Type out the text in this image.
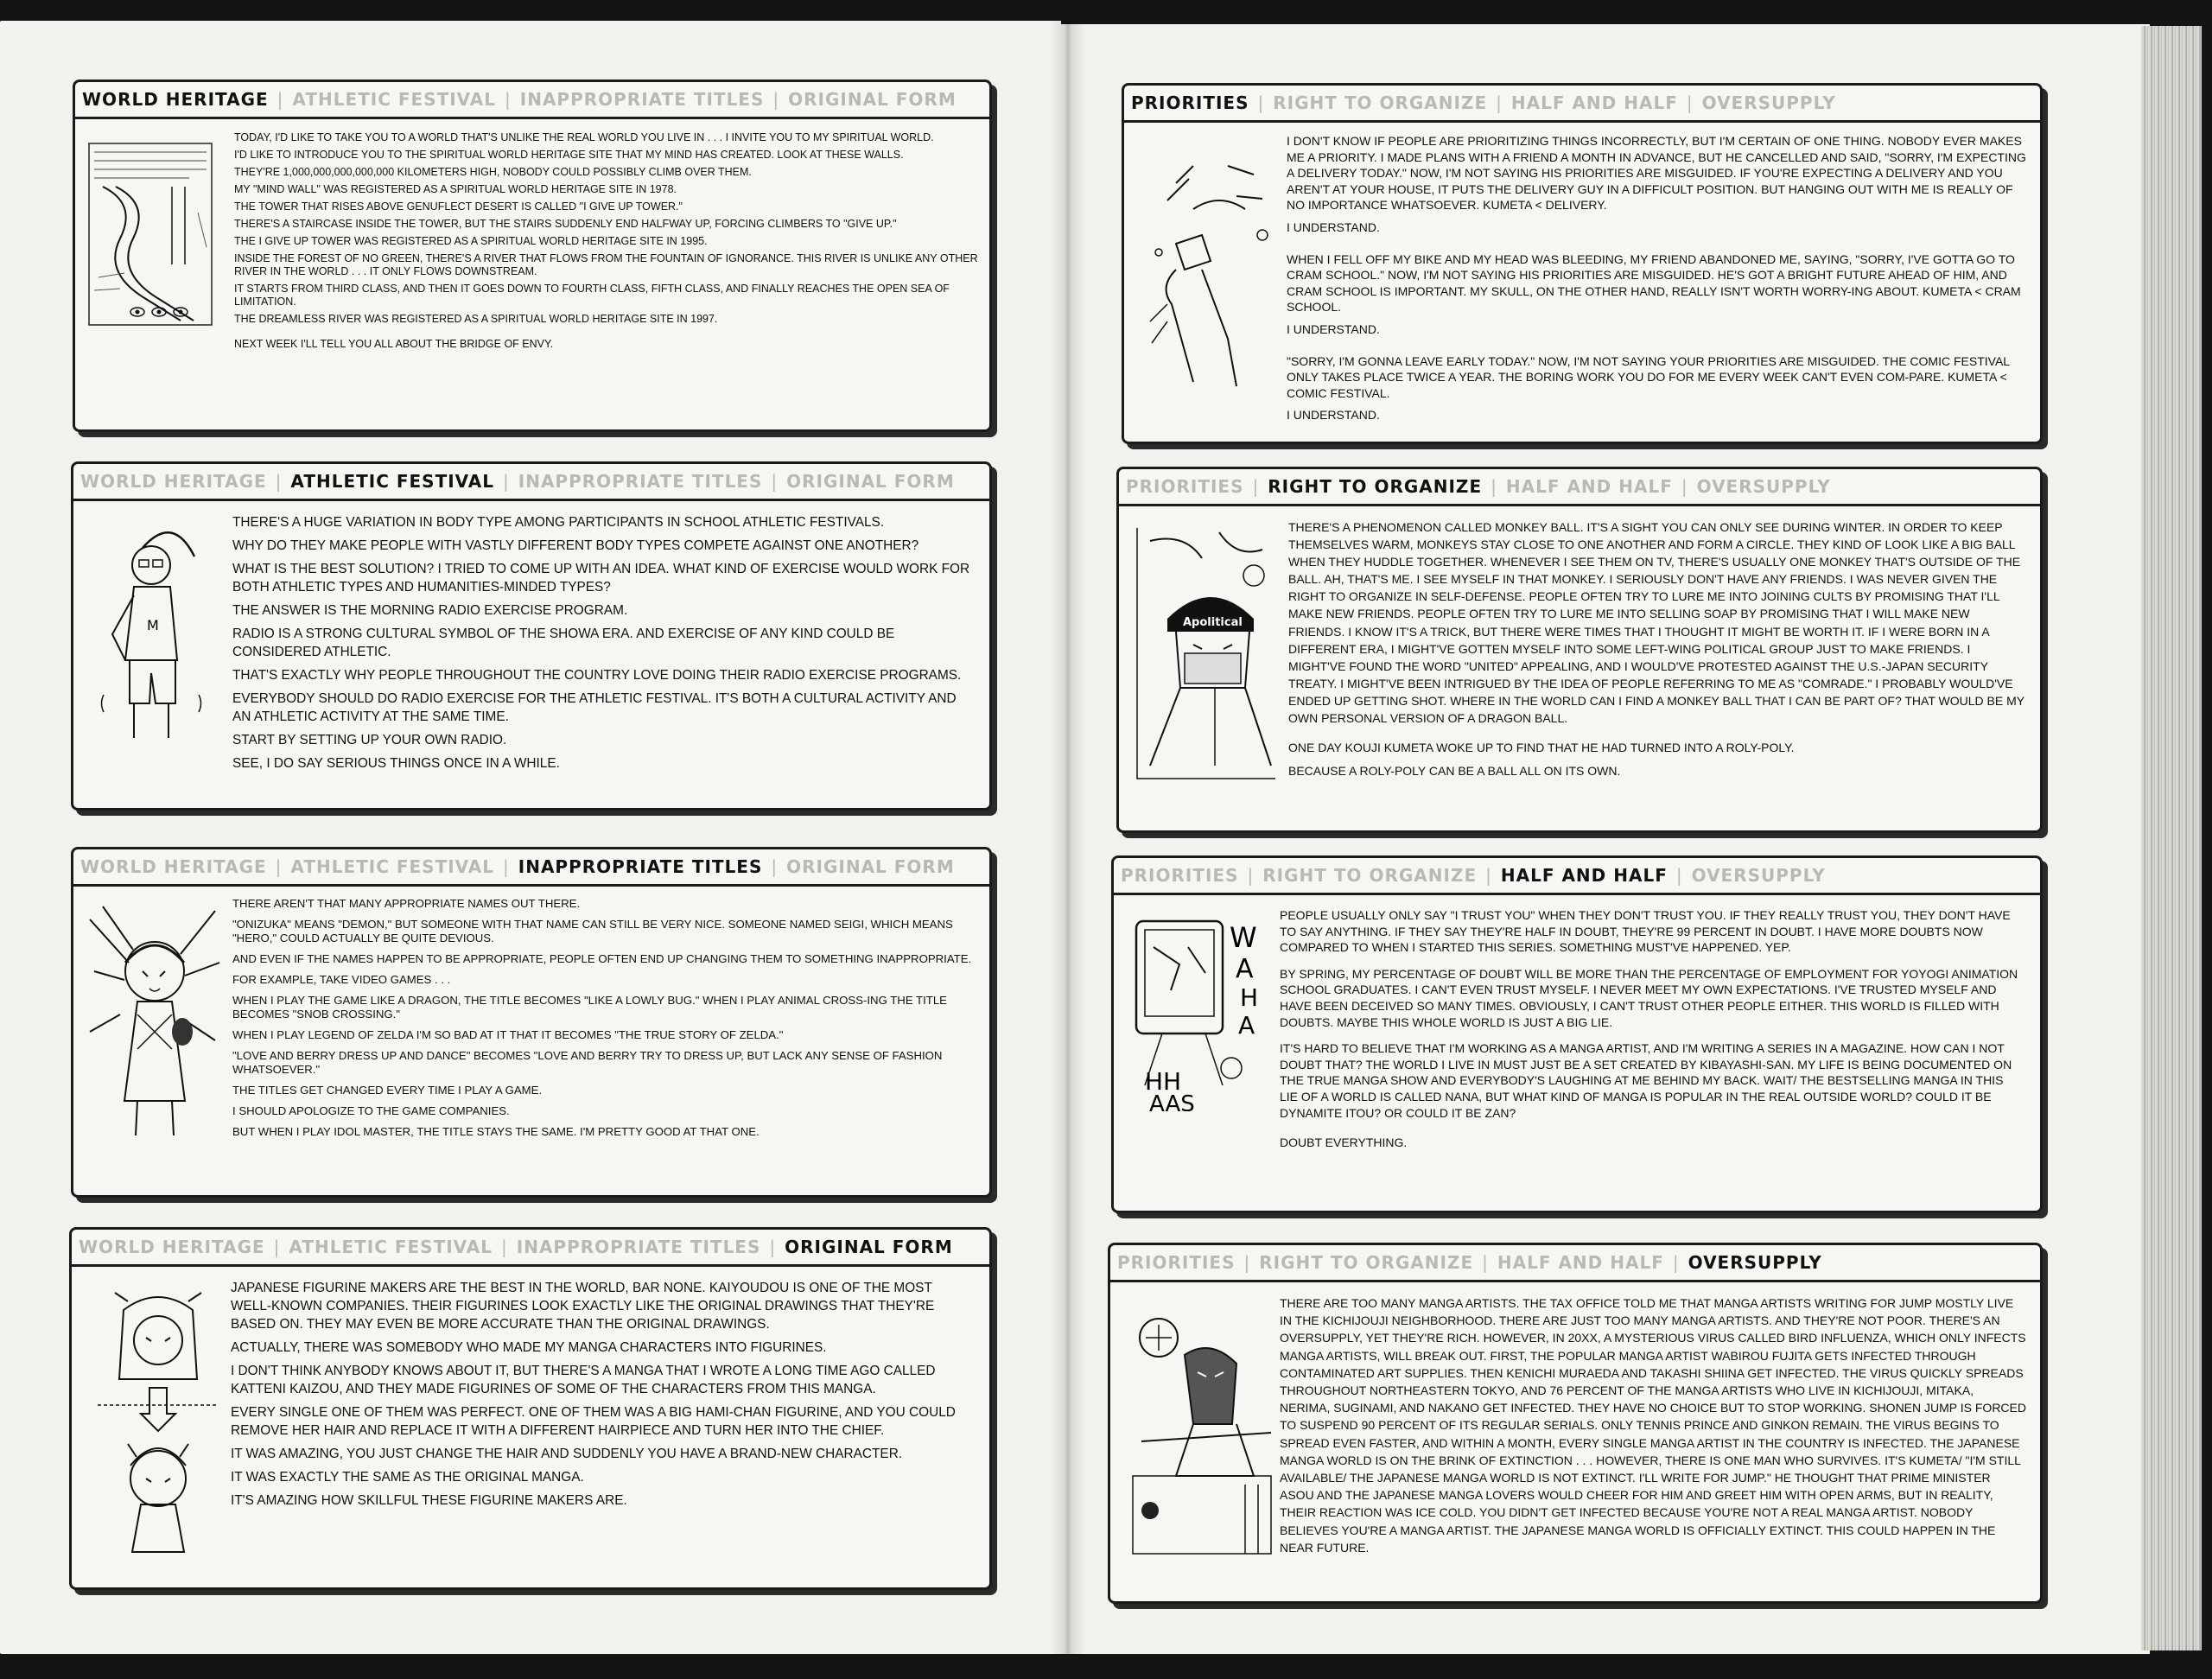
WORLD HERITAGE | ATHLETIC FESTIVAL | INAPPROPRIATE TITLES | ORIGINAL FORM

TODAY, I'D LIKE TO TAKE YOU TO A WORLD THAT'S UNLIKE THE REAL WORLD YOU LIVE IN . . . I INVITE YOU TO MY SPIRITUAL WORLD.

I'D LIKE TO INTRODUCE YOU TO THE SPIRITUAL WORLD HERITAGE SITE THAT MY MIND HAS CREATED. LOOK AT THESE WALLS.

THEY'RE 1,000,000,000,000,000 KILOMETERS HIGH, NOBODY COULD POSSIBLY CLIMB OVER THEM.

MY "MIND WALL" WAS REGISTERED AS A SPIRITUAL WORLD HERITAGE SITE IN 1978.

THE TOWER THAT RISES ABOVE GENUFLECT DESERT IS CALLED "I GIVE UP TOWER."

THERE'S A STAIRCASE INSIDE THE TOWER, BUT THE STAIRS SUDDENLY END HALFWAY UP, FORCING CLIMBERS TO "GIVE UP."

THE I GIVE UP TOWER WAS REGISTERED AS A SPIRITUAL WORLD HERITAGE SITE IN 1995.

INSIDE THE FOREST OF NO GREEN, THERE'S A RIVER THAT FLOWS FROM THE FOUNTAIN OF IGNORANCE. THIS RIVER IS UNLIKE ANY OTHER RIVER IN THE WORLD . . . IT ONLY FLOWS DOWNSTREAM.

IT STARTS FROM THIRD CLASS, AND THEN IT GOES DOWN TO FOURTH CLASS, FIFTH CLASS, AND FINALLY REACHES THE OPEN SEA OF LIMITATION.

THE DREAMLESS RIVER WAS REGISTERED AS A SPIRITUAL WORLD HERITAGE SITE IN 1997.

NEXT WEEK I'LL TELL YOU ALL ABOUT THE BRIDGE OF ENVY.

WORLD HERITAGE | ATHLETIC FESTIVAL | INAPPROPRIATE TITLES | ORIGINAL FORM
M

THERE'S A HUGE VARIATION IN BODY TYPE AMONG PARTICIPANTS IN SCHOOL ATHLETIC FESTIVALS.

WHY DO THEY MAKE PEOPLE WITH VASTLY DIFFERENT BODY TYPES COMPETE AGAINST ONE ANOTHER?

WHAT IS THE BEST SOLUTION? I TRIED TO COME UP WITH AN IDEA. WHAT KIND OF EXERCISE WOULD WORK FOR BOTH ATHLETIC TYPES AND HUMANITIES-MINDED TYPES?

THE ANSWER IS THE MORNING RADIO EXERCISE PROGRAM.

RADIO IS A STRONG CULTURAL SYMBOL OF THE SHOWA ERA. AND EXERCISE OF ANY KIND COULD BE CONSIDERED ATHLETIC.

THAT'S EXACTLY WHY PEOPLE THROUGHOUT THE COUNTRY LOVE DOING THEIR RADIO EXERCISE PROGRAMS.

EVERYBODY SHOULD DO RADIO EXERCISE FOR THE ATHLETIC FESTIVAL. IT'S BOTH A CULTURAL ACTIVITY AND AN ATHLETIC ACTIVITY AT THE SAME TIME.

START BY SETTING UP YOUR OWN RADIO.

SEE, I DO SAY SERIOUS THINGS ONCE IN A WHILE.

WORLD HERITAGE | ATHLETIC FESTIVAL | INAPPROPRIATE TITLES | ORIGINAL FORM

THERE AREN'T THAT MANY APPROPRIATE NAMES OUT THERE.

"ONIZUKA" MEANS "DEMON," BUT SOMEONE WITH THAT NAME CAN STILL BE VERY NICE. SOMEONE NAMED SEIGI, WHICH MEANS "HERO," COULD ACTUALLY BE QUITE DEVIOUS.

AND EVEN IF THE NAMES HAPPEN TO BE APPROPRIATE, PEOPLE OFTEN END UP CHANGING THEM TO SOMETHING INAPPROPRIATE.

FOR EXAMPLE, TAKE VIDEO GAMES . . .

WHEN I PLAY THE GAME LIKE A DRAGON, THE TITLE BECOMES "LIKE A LOWLY BUG." WHEN I PLAY ANIMAL CROSS-ING THE TITLE BECOMES "SNOB CROSSING."

WHEN I PLAY LEGEND OF ZELDA I'M SO BAD AT IT THAT IT BECOMES "THE TRUE STORY OF ZELDA."

"LOVE AND BERRY DRESS UP AND DANCE" BECOMES "LOVE AND BERRY TRY TO DRESS UP, BUT LACK ANY SENSE OF FASHION WHATSOEVER."

THE TITLES GET CHANGED EVERY TIME I PLAY A GAME.

I SHOULD APOLOGIZE TO THE GAME COMPANIES.

BUT WHEN I PLAY IDOL MASTER, THE TITLE STAYS THE SAME. I'M PRETTY GOOD AT THAT ONE.

WORLD HERITAGE | ATHLETIC FESTIVAL | INAPPROPRIATE TITLES | ORIGINAL FORM

JAPANESE FIGURINE MAKERS ARE THE BEST IN THE WORLD, BAR NONE. KAIYOUDOU IS ONE OF THE MOST WELL-KNOWN COMPANIES. THEIR FIGURINES LOOK EXACTLY LIKE THE ORIGINAL DRAWINGS THAT THEY'RE BASED ON. THEY MAY EVEN BE MORE ACCURATE THAN THE ORIGINAL DRAWINGS.

ACTUALLY, THERE WAS SOMEBODY WHO MADE MY MANGA CHARACTERS INTO FIGURINES.

I DON'T THINK ANYBODY KNOWS ABOUT IT, BUT THERE'S A MANGA THAT I WROTE A LONG TIME AGO CALLED KATTENI KAIZOU, AND THEY MADE FIGURINES OF SOME OF THE CHARACTERS FROM THIS MANGA.

EVERY SINGLE ONE OF THEM WAS PERFECT. ONE OF THEM WAS A BIG HAMI-CHAN FIGURINE, AND YOU COULD REMOVE HER HAIR AND REPLACE IT WITH A DIFFERENT HAIRPIECE AND TURN HER INTO THE CHIEF.

IT WAS AMAZING, YOU JUST CHANGE THE HAIR AND SUDDENLY YOU HAVE A BRAND-NEW CHARACTER.

IT WAS EXACTLY THE SAME AS THE ORIGINAL MANGA.

IT'S AMAZING HOW SKILLFUL THESE FIGURINE MAKERS ARE.

PRIORITIES | RIGHT TO ORGANIZE | HALF AND HALF | OVERSUPPLY

I DON'T KNOW IF PEOPLE ARE PRIORITIZING THINGS INCORRECTLY, BUT I'M CERTAIN OF ONE THING. NOBODY EVER MAKES ME A PRIORITY. I MADE PLANS WITH A FRIEND A MONTH IN ADVANCE, BUT HE CANCELLED AND SAID, "SORRY, I'M EXPECTING A DELIVERY TODAY." NOW, I'M NOT SAYING HIS PRIORITIES ARE MISGUIDED. IF YOU'RE EXPECTING A DELIVERY AND YOU AREN'T AT YOUR HOUSE, IT PUTS THE DELIVERY GUY IN A DIFFICULT POSITION. BUT HANGING OUT WITH ME IS REALLY OF NO IMPORTANCE WHATSOEVER. KUMETA < DELIVERY.

I UNDERSTAND.

WHEN I FELL OFF MY BIKE AND MY HEAD WAS BLEEDING, MY FRIEND ABANDONED ME, SAYING, "SORRY, I'VE GOTTA GO TO CRAM SCHOOL." NOW, I'M NOT SAYING HIS PRIORITIES ARE MISGUIDED. HE'S GOT A BRIGHT FUTURE AHEAD OF HIM, AND CRAM SCHOOL IS IMPORTANT. MY SKULL, ON THE OTHER HAND, REALLY ISN'T WORTH WORRY-ING ABOUT. KUMETA < CRAM SCHOOL.

I UNDERSTAND.

"SORRY, I'M GONNA LEAVE EARLY TODAY." NOW, I'M NOT SAYING YOUR PRIORITIES ARE MISGUIDED. THE COMIC FESTIVAL ONLY TAKES PLACE TWICE A YEAR. THE BORING WORK YOU DO FOR ME EVERY WEEK CAN'T EVEN COM-PARE. KUMETA < COMIC FESTIVAL.

I UNDERSTAND.

PRIORITIES | RIGHT TO ORGANIZE | HALF AND HALF | OVERSUPPLY
Apolitical

THERE'S A PHENOMENON CALLED MONKEY BALL. IT'S A SIGHT YOU CAN ONLY SEE DURING WINTER. IN ORDER TO KEEP THEMSELVES WARM, MONKEYS STAY CLOSE TO ONE ANOTHER AND FORM A CIRCLE. THEY KIND OF LOOK LIKE A BIG BALL WHEN THEY HUDDLE TOGETHER. WHENEVER I SEE THEM ON TV, THERE'S USUALLY ONE MONKEY THAT'S OUTSIDE OF THE BALL. AH, THAT'S ME. I SEE MYSELF IN THAT MONKEY. I SERIOUSLY DON'T HAVE ANY FRIENDS. I WAS NEVER GIVEN THE RIGHT TO ORGANIZE IN SELF-DEFENSE. PEOPLE OFTEN TRY TO LURE ME INTO JOINING CULTS BY PROMISING THAT I'LL MAKE NEW FRIENDS. PEOPLE OFTEN TRY TO LURE ME INTO SELLING SOAP BY PROMISING THAT I WILL MAKE NEW FRIENDS. I KNOW IT'S A TRICK, BUT THERE WERE TIMES THAT I THOUGHT IT MIGHT BE WORTH IT. IF I WERE BORN IN A DIFFERENT ERA, I MIGHT'VE GOTTEN MYSELF INTO SOME LEFT-WING POLITICAL GROUP JUST TO MAKE FRIENDS. I MIGHT'VE FOUND THE WORD "UNITED" APPEALING, AND I WOULD'VE PROTESTED AGAINST THE U.S.-JAPAN SECURITY TREATY. I MIGHT'VE BEEN INTRIGUED BY THE IDEA OF PEOPLE REFERRING TO ME AS "COMRADE." I PROBABLY WOULD'VE ENDED UP GETTING SHOT. WHERE IN THE WORLD CAN I FIND A MONKEY BALL THAT I CAN BE PART OF? THAT WOULD BE MY OWN PERSONAL VERSION OF A DRAGON BALL.

ONE DAY KOUJI KUMETA WOKE UP TO FIND THAT HE HAD TURNED INTO A ROLY-POLY.

BECAUSE A ROLY-POLY CAN BE A BALL ALL ON ITS OWN.

PRIORITIES | RIGHT TO ORGANIZE | HALF AND HALF | OVERSUPPLY
W
A
H
A
HH
AAS

PEOPLE USUALLY ONLY SAY "I TRUST YOU" WHEN THEY DON'T TRUST YOU. IF THEY REALLY TRUST YOU, THEY DON'T HAVE TO SAY ANYTHING. IF THEY SAY THEY'RE HALF IN DOUBT, THEY'RE 99 PERCENT IN DOUBT. I HAVE MORE DOUBTS NOW COMPARED TO WHEN I STARTED THIS SERIES. SOMETHING MUST'VE HAPPENED. YEP.

BY SPRING, MY PERCENTAGE OF DOUBT WILL BE MORE THAN THE PERCENTAGE OF EMPLOYMENT FOR YOYOGI ANIMATION SCHOOL GRADUATES. I CAN'T EVEN TRUST MYSELF. I NEVER MEET MY OWN EXPECTATIONS. I'VE TRUSTED MYSELF AND HAVE BEEN DECEIVED SO MANY TIMES. OBVIOUSLY, I CAN'T TRUST OTHER PEOPLE EITHER. THIS WORLD IS FILLED WITH DOUBTS. MAYBE THIS WHOLE WORLD IS JUST A BIG LIE.

IT'S HARD TO BELIEVE THAT I'M WORKING AS A MANGA ARTIST, AND I'M WRITING A SERIES IN A MAGAZINE. HOW CAN I NOT DOUBT THAT? THE WORLD I LIVE IN MUST JUST BE A SET CREATED BY KIBAYASHI-SAN. MY LIFE IS BEING DOCUMENTED ON THE TRUE MANGA SHOW AND EVERYBODY'S LAUGHING AT ME BEHIND MY BACK. WAIT/ THE BESTSELLING MANGA IN THIS LIE OF A WORLD IS CALLED NANA, BUT WHAT KIND OF MANGA IS POPULAR IN THE REAL OUTSIDE WORLD? COULD IT BE DYNAMITE ITOU? OR COULD IT BE ZAN?

DOUBT EVERYTHING.

PRIORITIES | RIGHT TO ORGANIZE | HALF AND HALF | OVERSUPPLY

THERE ARE TOO MANY MANGA ARTISTS. THE TAX OFFICE TOLD ME THAT MANGA ARTISTS WRITING FOR JUMP MOSTLY LIVE IN THE KICHIJOUJI NEIGHBORHOOD. THERE ARE JUST TOO MANY MANGA ARTISTS. AND THEY'RE NOT POOR. THERE'S AN OVERSUPPLY, YET THEY'RE RICH. HOWEVER, IN 20XX, A MYSTERIOUS VIRUS CALLED BIRD INFLUENZA, WHICH ONLY INFECTS MANGA ARTISTS, WILL BREAK OUT. FIRST, THE POPULAR MANGA ARTIST WABIROU FUJITA GETS INFECTED THROUGH CONTAMINATED ART SUPPLIES. THEN KENICHI MURAEDA AND TAKASHI SHIINA GET INFECTED. THE VIRUS QUICKLY SPREADS THROUGHOUT NORTHEASTERN TOKYO, AND 76 PERCENT OF THE MANGA ARTISTS WHO LIVE IN KICHIJOUJI, MITAKA, NERIMA, SUGINAMI, AND NAKANO GET INFECTED. THEY HAVE NO CHOICE BUT TO STOP WORKING. SHONEN JUMP IS FORCED TO SUSPEND 90 PERCENT OF ITS REGULAR SERIALS. ONLY TENNIS PRINCE AND GINKON REMAIN. THE VIRUS BEGINS TO SPREAD EVEN FASTER, AND WITHIN A MONTH, EVERY SINGLE MANGA ARTIST IN THE COUNTRY IS INFECTED. THE JAPANESE MANGA WORLD IS ON THE BRINK OF EXTINCTION . . . HOWEVER, THERE IS ONE MAN WHO SURVIVES. IT'S KUMETA/ "I'M STILL AVAILABLE/ THE JAPANESE MANGA WORLD IS NOT EXTINCT. I'LL WRITE FOR JUMP." HE THOUGHT THAT PRIME MINISTER ASOU AND THE JAPANESE MANGA LOVERS WOULD CHEER FOR HIM AND GREET HIM WITH OPEN ARMS, BUT IN REALITY, THEIR REACTION WAS ICE COLD. YOU DIDN'T GET INFECTED BECAUSE YOU'RE NOT A REAL MANGA ARTIST. NOBODY BELIEVES YOU'RE A MANGA ARTIST. THE JAPANESE MANGA WORLD IS OFFICIALLY EXTINCT. THIS COULD HAPPEN IN THE NEAR FUTURE.
